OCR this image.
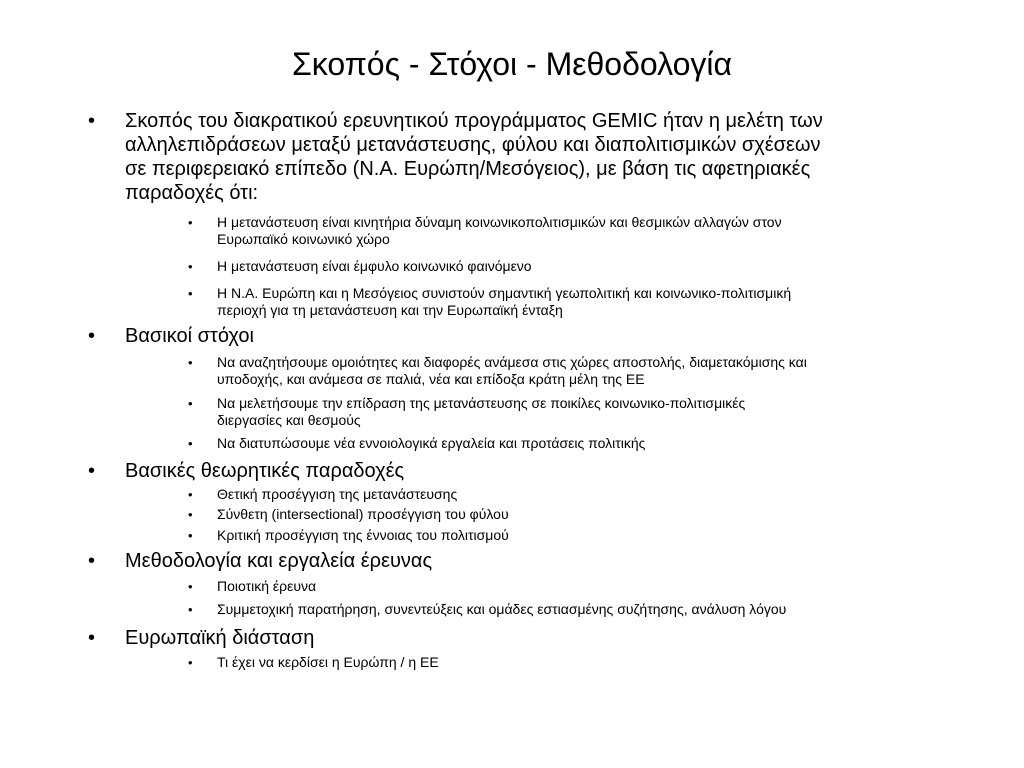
Σκοπός - Στόχοι - Μεθοδολογία
• Σκοπός του διακρατικού ερευνητικού προγράμματος GEMIC ήταν η μελέτη των
αλληλεπιδράσεων μεταξύ μετανάστευσης, φύλου και διαπολιτισμικών σχέσεων
σε περιφερειακό επίπεδο (Ν.Α. Ευρώπη/Μεσόγειος), με βάση τις αφετηριακές
παραδοχές ότι:
• Η μετανάστευση είναι κινητήρια δύναμη κοινωνικοπολιτισμικών και θεσμικών αλλαγών στον
Ευρωπαϊκό κοινωνικό χώρο
• Η μετανάστευση είναι έμφυλο κοινωνικό φαινόμενο
• Η Ν.Α. Ευρώπη και η Μεσόγειος συνιστούν σημαντική γεωπολιτική και κοινωνικο-πολιτισμική
περιοχή για τη μετανάστευση και την Ευρωπαϊκή ένταξη
• Βασικοί στόχοι
• Να αναζητήσουμε ομοιότητες και διαφορές ανάμεσα στις χώρες αποστολής, διαμετακόμισης και
υποδοχής, και ανάμεσα σε παλιά, νέα και επίδοξα κράτη μέλη της ΕΕ
• Να μελετήσουμε την επίδραση της μετανάστευσης σε ποικίλες κοινωνικο-πολιτισμικές
διεργασίες και θεσμούς
• Να διατυπώσουμε νέα εννοιολογικά εργαλεία και προτάσεις πολιτικής
• Βασικές θεωρητικές παραδοχές
• Θετική προσέγγιση της μετανάστευσης
• Σύνθετη (intersectional) προσέγγιση του φύλου
• Κριτική προσέγγιση της έννοιας του πολιτισμού
• Μεθοδολογία και εργαλεία έρευνας
• Ποιοτική έρευνα
• Συμμετοχική παρατήρηση, συνεντεύξεις και ομάδες εστιασμένης συζήτησης, ανάλυση λόγου
• Ευρωπαϊκή διάσταση
• Τι έχει να κερδίσει η Ευρώπη / η ΕΕ
